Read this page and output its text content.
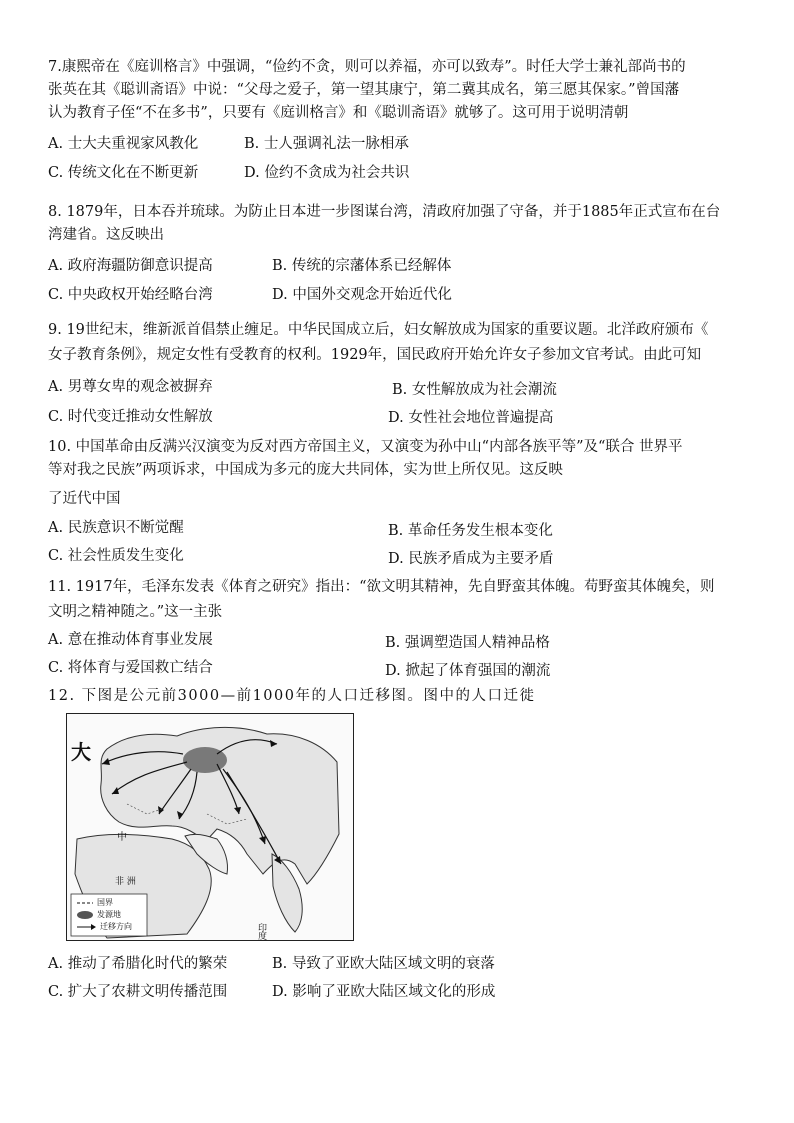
7.康熙帝在《庭训格言》中强调，“俭约不贪，则可以养福，亦可以致寿”。时任大学士兼礼部尚书的
张英在其《聪训斋语》中说：“父母之爱子，第一望其康宁，第二冀其成名，第三愿其保家。”曾国藩
认为教育子侄“不在多书”，只要有《庭训格言》和《聪训斋语》就够了。这可用于说明清朝
A. 士大夫重视家风教化	B. 士人强调礼法一脉相承
C. 传统文化在不断更新	D. 俭约不贪成为社会共识
8. 1879年，日本吞并琉球。为防止日本进一步图谋台湾，清政府加强了守备，并于1885年正式宣布在台
湾建省。这反映出
A. 政府海疆防御意识提高	B. 传统的宗藩体系已经解体
C. 中央政权开始经略台湾	D. 中国外交观念开始近代化
9. 19世纪末，维新派首倡禁止缠足。中华民国成立后，妇女解放成为国家的重要议题。北洋政府颁布《
女子教育条例》，规定女性有受教育的权利。1929年，国民政府开始允许女子参加文官考试。由此可知
A. 男尊女卑的观念被摒弃	B. 女性解放成为社会潮流
C. 时代变迁推动女性解放	D. 女性社会地位普遍提高
10. 中国革命由反满兴汉演变为反对西方帝国主义，又演变为孙中山“内部各族平等”及“联合 世界平
等对我之民族”两项诉求，中国成为多元的庞大共同体，实为世上所仅见。这反映
了近代中国
A. 民族意识不断觉醒	B. 革命任务发生根本变化
C. 社会性质发生变化	D. 民族矛盾成为主要矛盾
11. 1917年，毛泽东发表《体育之研究》指出：“欲文明其精神，先自野蛮其体魄。苟野蛮其体魄矣，则
文明之精神随之。”这一主张
A. 意在推动体育事业发展	B. 强调塑造国人精神品格
C. 将体育与爱国救亡结合	D. 掀起了体育强国的潮流
12. 下图是公元前3000—前1000年的人口迁移图。图中的人口迁徙
大
中
非 洲
印
国界
发源地
迁移方向
度
A. 推动了希腊化时代的繁荣	B. 导致了亚欧大陆区域文明的衰落
C. 扩大了农耕文明传播范围	D. 影响了亚欧大陆区域文化的形成
